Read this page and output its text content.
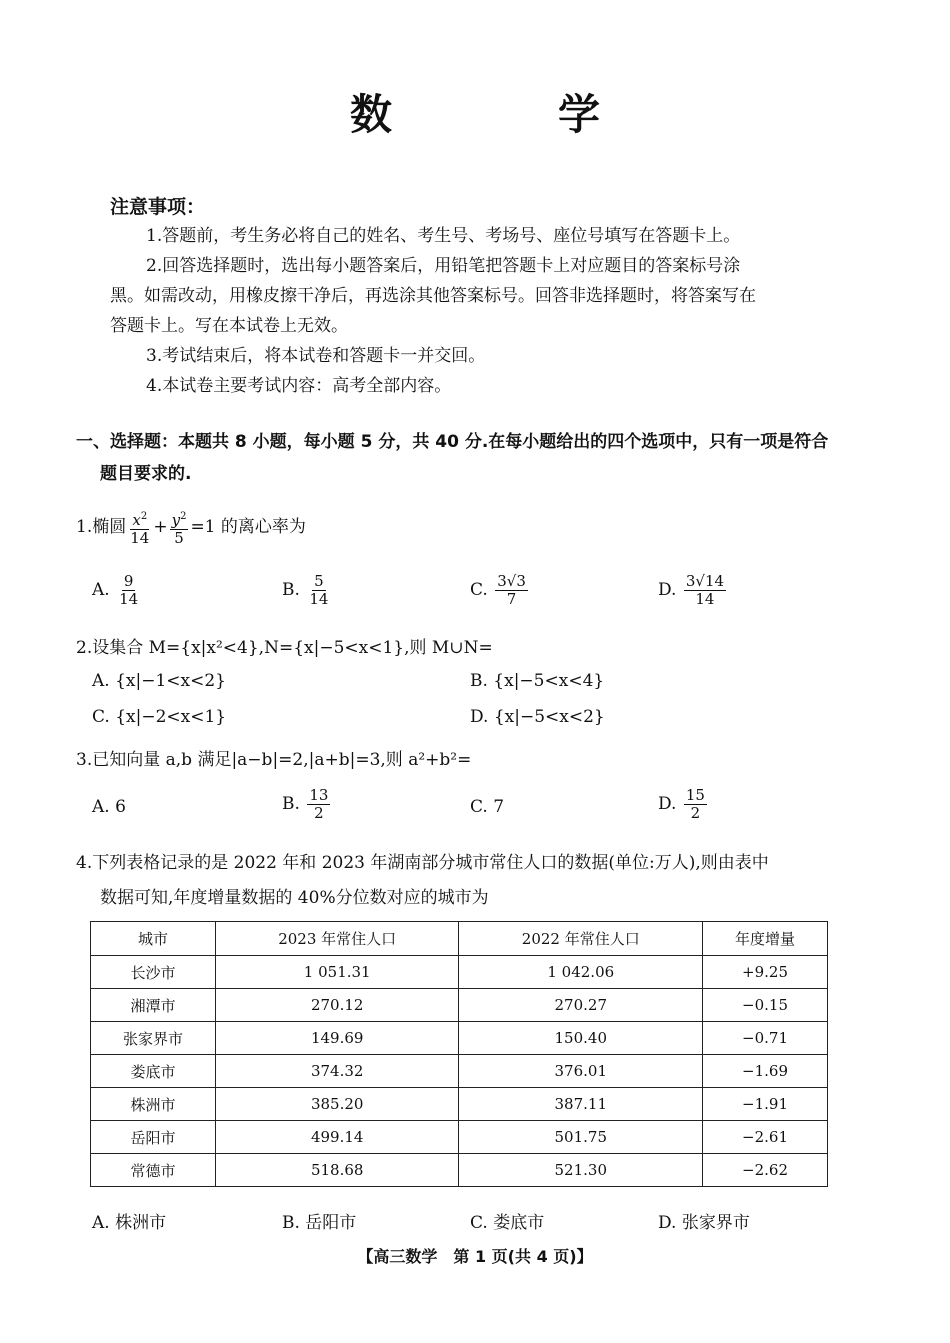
数　学
注意事项：

1.答题前，考生务必将自己的姓名、考生号、考场号、座位号填写在答题卡上。

2.回答选择题时，选出每小题答案后，用铅笔把答题卡上对应题目的答案标号涂

黑。如需改动，用橡皮擦干净后，再选涂其他答案标号。回答非选择题时，将答案写在

答题卡上。写在本试卷上无效。

3.考试结束后，将本试卷和答题卡一并交回。

4.本试卷主要考试内容：高考全部内容。

一、选择题：本题共 8 小题，每小题 5 分，共 40 分.在每小题给出的四个选项中，只有一项是符合
题目要求的.
1.椭圆 $\frac{x^2}{14} + \frac{y^2}{5} =1$ 的离心率为
A. $\frac{9}{14}$	B. $\frac{5}{14}$	C. $\frac{3√3}{7}$	D. $\frac{3√14}{14}$
2.设集合 M={x|x²<4},N={x|−5<x<1},则 M∪N=
A. {x|−1<x<2}	B. {x|−5<x<4}
C. {x|−2<x<1}	D. {x|−5<x<2}
3.已知向量 a,b 满足|a−b|=2,|a+b|=3,则 a²+b²=
A. 6	B. $\frac{13}{2}$	C. 7	D. $\frac{15}{2}$
4.下列表格记录的是 2022 年和 2023 年湖南部分城市常住人口的数据(单位:万人),则由表中
数据可知,年度增量数据的 40%分位数对应的城市为
城市	2023 年常住人口	2022 年常住人口	年度增量
长沙市	1 051.31	1 042.06	+9.25
湘潭市	270.12	270.27	−0.15
张家界市	149.69	150.40	−0.71
娄底市	374.32	376.01	−1.69
株洲市	385.20	387.11	−1.91
岳阳市	499.14	501.75	−2.61
常德市	518.68	521.30	−2.62
A. 株洲市	B. 岳阳市	C. 娄底市	D. 张家界市
【高三数学　第 1 页(共 4 页)】
